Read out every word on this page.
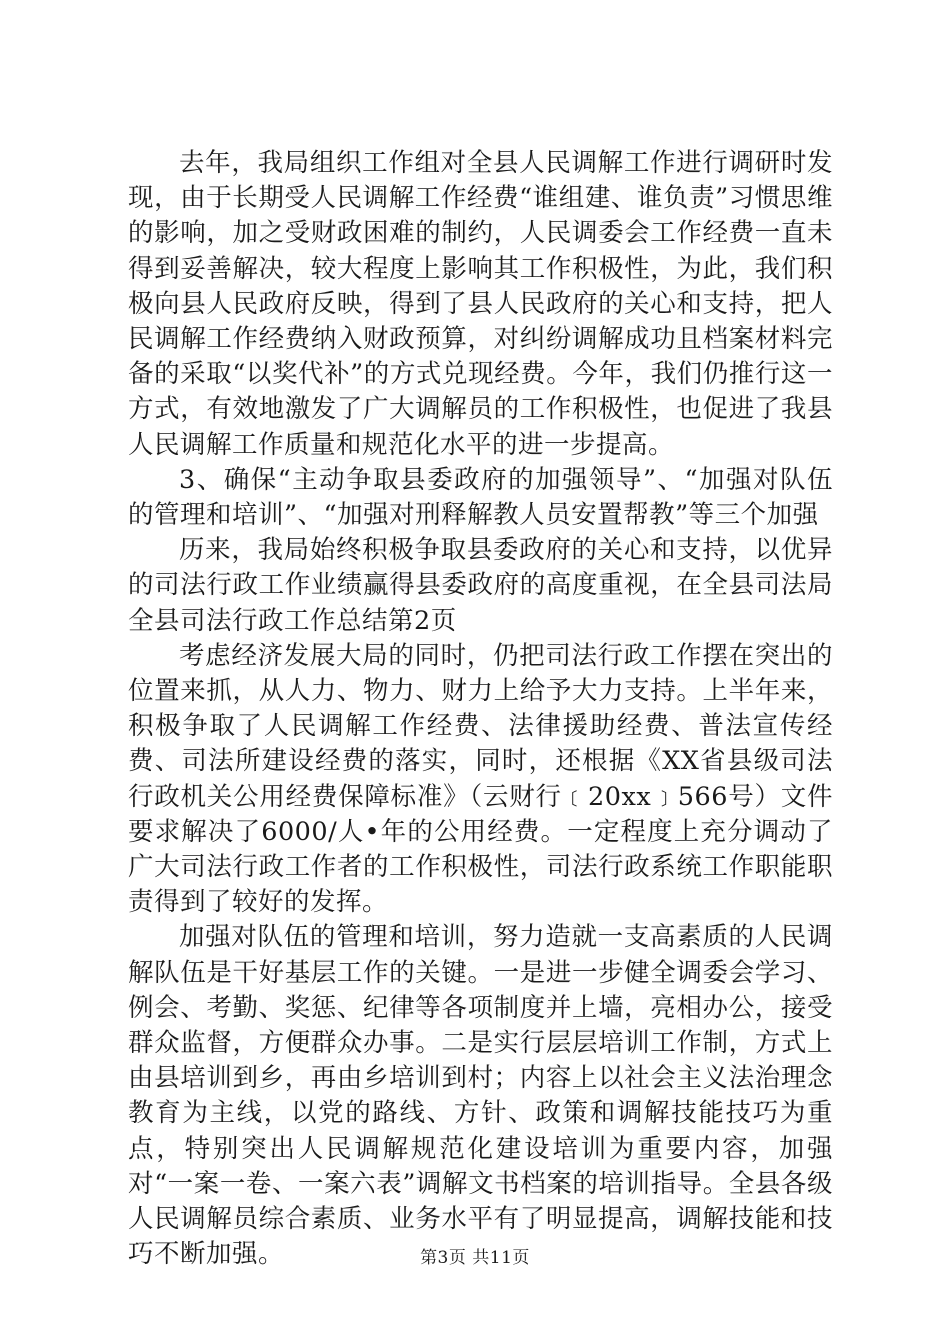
去年，我局组织工作组对全县人民调解工作进行调研时发现，由于长期受人民调解工作经费“谁组建、谁负责”习惯思维的影响，加之受财政困难的制约，人民调委会工作经费一直未得到妥善解决，较大程度上影响其工作积极性，为此，我们积极向县人民政府反映，得到了县人民政府的关心和支持，把人民调解工作经费纳入财政预算，对纠纷调解成功且档案材料完备的采取“以奖代补”的方式兑现经费。今年，我们仍推行这一方式，有效地激发了广大调解员的工作积极性，也促进了我县人民调解工作质量和规范化水平的进一步提高。

3、确保“主动争取县委政府的加强领导”、“加强对队伍的管理和培训”、“加强对刑释解教人员安置帮教”等三个加强

历来，我局始终积极争取县委政府的关心和支持，以优异的司法行政工作业绩赢得县委政府的高度重视，在全县司法局全县司法行政工作总结第2页

考虑经济发展大局的同时，仍把司法行政工作摆在突出的位置来抓，从人力、物力、财力上给予大力支持。上半年来，积极争取了人民调解工作经费、法律援助经费、普法宣传经费、司法所建设经费的落实，同时，还根据《XX省县级司法行政机关公用经费保障标准》（云财行﹝20xx﹞566号）文件要求解决了6000/人•年的公用经费。一定程度上充分调动了广大司法行政工作者的工作积极性，司法行政系统工作职能职责得到了较好的发挥。

加强对队伍的管理和培训，努力造就一支高素质的人民调解队伍是干好基层工作的关键。一是进一步健全调委会学习、例会、考勤、奖惩、纪律等各项制度并上墙，亮相办公，接受群众监督，方便群众办事。二是实行层层培训工作制，方式上由县培训到乡，再由乡培训到村；内容上以社会主义法治理念教育为主线，以党的路线、方针、政策和调解技能技巧为重点，特别突出人民调解规范化建设培训为重要内容，加强对“一案一卷、一案六表”调解文书档案的培训指导。全县各级人民调解员综合素质、业务水平有了明显提高，调解技能和技巧不断加强。	第3页 共11页
